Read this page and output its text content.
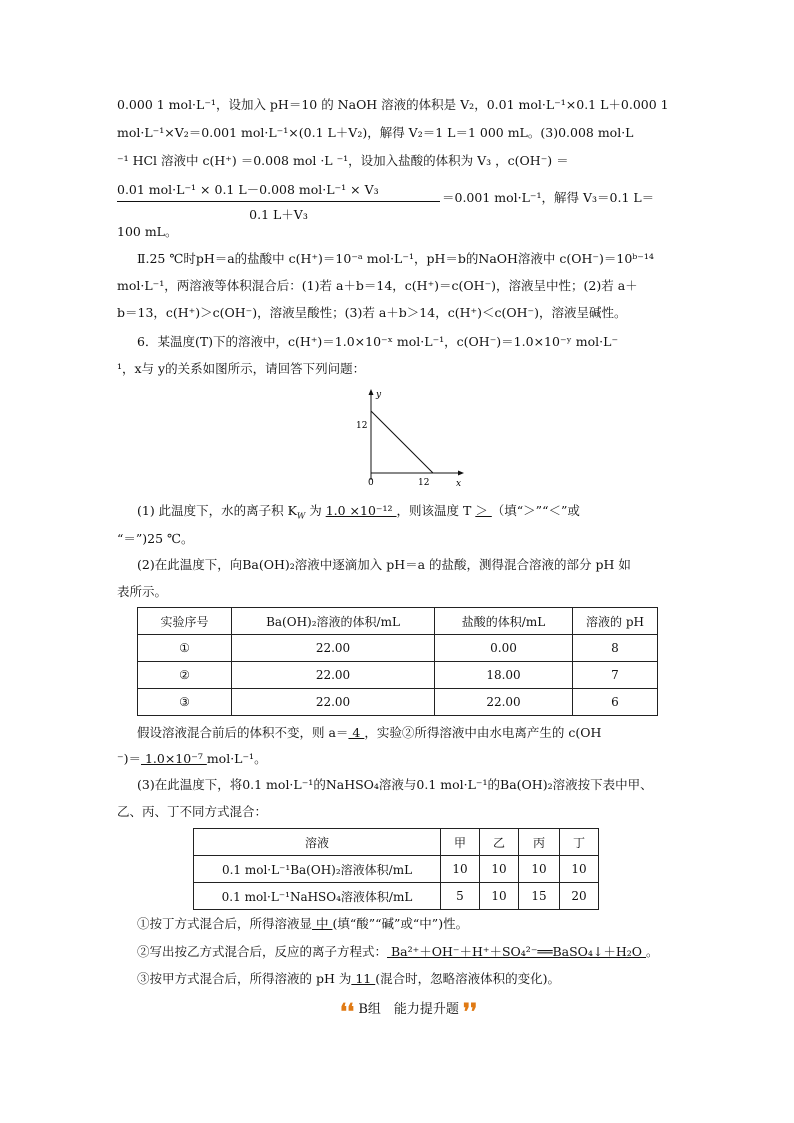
0.000 1 mol·L⁻¹，设加入 pH＝10 的 NaOH 溶液的体积是 V₂，0.01 mol·L⁻¹×0.1 L＋0.000 1
mol·L⁻¹×V₂＝0.001 mol·L⁻¹×(0.1 L＋V₂)，解得 V₂＝1 L＝1 000 mL。(3)0.008 mol·L
⁻¹ HCl 溶液中 c(H⁺) ＝0.008 mol ·L ⁻¹，设加入盐酸的体积为 V₃ ，c(OH⁻) ＝
0.01 mol·L⁻¹ × 0.1 L－0.008 mol·L⁻¹ × V₃
0.1 L＋V₃
＝0.001 mol·L⁻¹，解得 V₃＝0.1 L＝
100 mL。
Ⅱ.25 ℃时pH＝a的盐酸中 c(H⁺)＝10⁻ᵃ mol·L⁻¹，pH＝b的NaOH溶液中 c(OH⁻)＝10ᵇ⁻¹⁴
mol·L⁻¹，两溶液等体积混合后：(1)若 a＋b＝14，c(H⁺)＝c(OH⁻)，溶液呈中性；(2)若 a＋
b＝13，c(H⁺)＞c(OH⁻)，溶液呈酸性；(3)若 a＋b＞14，c(H⁺)＜c(OH⁻)，溶液呈碱性。
6．某温度(T)下的溶液中，c(H⁺)＝1.0×10⁻ˣ mol·L⁻¹，c(OH⁻)＝1.0×10⁻ʸ mol·L⁻
¹，x与 y的关系如图所示，请回答下列问题：
y
x
0
12
12
(1) 此温度下，水的离子积 $K_W$ 为 1.0 ×10⁻¹² ，则该温度 T ＞ （填“＞”“＜”或
“＝”)25 ℃。
(2)在此温度下，向Ba(OH)₂溶液中逐滴加入 pH＝a 的盐酸，测得混合溶液的部分 pH 如
表所示。
实验序号	Ba(OH)₂溶液的体积/mL	盐酸的体积/mL	溶液的 pH
①	22.00	0.00	8
②	22.00	18.00	7
③	22.00	22.00	6
假设溶液混合前后的体积不变，则 a＝ 4 ，实验②所得溶液中由水电离产生的 c(OH
⁻)＝ 1.0×10⁻⁷ mol·L⁻¹。
(3)在此温度下，将0.1 mol·L⁻¹的NaHSO₄溶液与0.1 mol·L⁻¹的Ba(OH)₂溶液按下表中甲、
乙、丙、丁不同方式混合：
溶液	甲	乙	丙	丁
0.1 mol·L⁻¹Ba(OH)₂溶液体积/mL	10	10	10	10
0.1 mol·L⁻¹NaHSO₄溶液体积/mL	5	10	15	20
①按丁方式混合后，所得溶液显 中 (填“酸”“碱”或“中”)性。
②写出按乙方式混合后，反应的离子方程式： Ba²⁺＋OH⁻＋H⁺＋SO₄²⁻══BaSO₄↓＋H₂O 。
③按甲方式混合后，所得溶液的 pH 为 11 (混合时，忽略溶液体积的变化)。
❛❛ B组　能力提升题 ❜❜
